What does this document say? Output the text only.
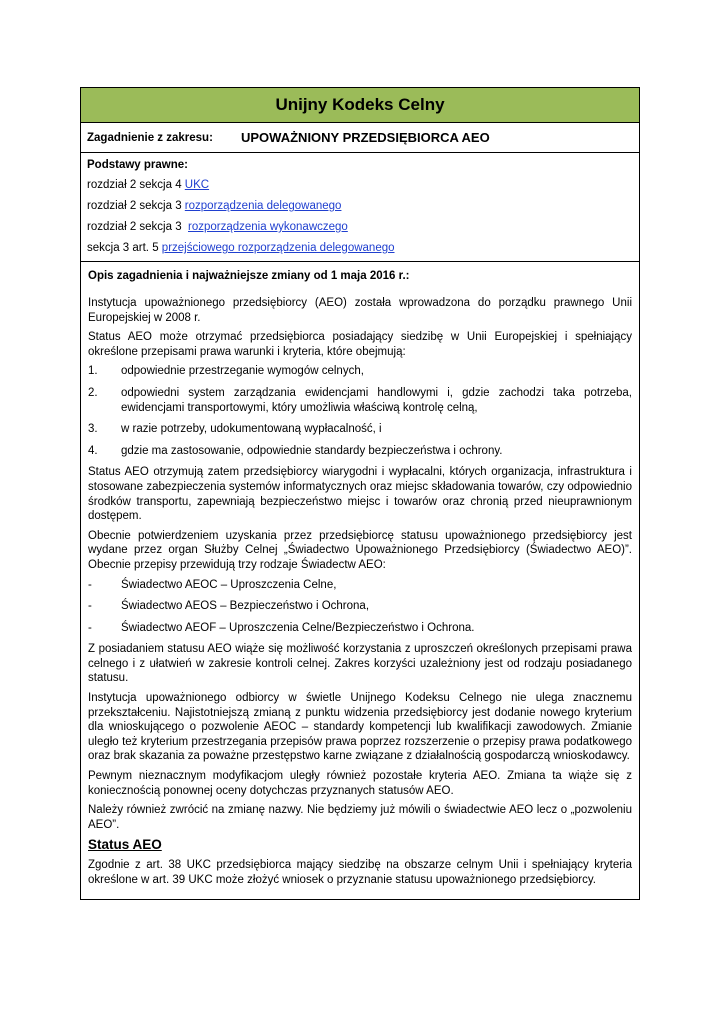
Unijny Kodeks Celny
Zagadnienie z zakresu:	UPOWAŻNIONY PRZEDSIĘBIORCA AEO
Podstawy prawne:
rozdział 2 sekcja 4 UKC
rozdział 2 sekcja 3 rozporządzenia delegowanego
rozdział 2 sekcja 3  rozporządzenia wykonawczego
sekcja 3 art. 5 przejściowego rozporządzenia delegowanego
Opis zagadnienia i najważniejsze zmiany od 1 maja 2016 r.:

Instytucja upoważnionego przedsiębiorcy (AEO) została wprowadzona do porządku prawnego Unii Europejskiej w 2008 r.

Status AEO może otrzymać przedsiębiorca posiadający siedzibę w Unii Europejskiej i spełniający określone przepisami prawa warunki i kryteria, które obejmują:

1.	odpowiednie przestrzeganie wymogów celnych,
2.	odpowiedni system zarządzania ewidencjami handlowymi i, gdzie zachodzi taka potrzeba, ewidencjami transportowymi, który umożliwia właściwą kontrolę celną,
3.	w razie potrzeby, udokumentowaną wypłacalność, i
4.	gdzie ma zastosowanie, odpowiednie standardy bezpieczeństwa i ochrony.

Status AEO otrzymują zatem przedsiębiorcy wiarygodni i wypłacalni, których organizacja, infrastruktura i stosowane zabezpieczenia systemów informatycznych oraz miejsc składowania towarów, czy odpowiednio środków transportu, zapewniają bezpieczeństwo miejsc i towarów oraz chronią przed nieuprawnionym dostępem.

Obecnie potwierdzeniem uzyskania przez przedsiębiorcę statusu upoważnionego przedsiębiorcy jest wydane przez organ Służby Celnej „Świadectwo Upoważnionego Przedsiębiorcy (Świadectwo AEO)”. Obecnie przepisy przewidują trzy rodzaje Świadectw AEO:

-	Świadectwo AEOC – Uproszczenia Celne,
-	Świadectwo AEOS – Bezpieczeństwo i Ochrona,
-	Świadectwo AEOF – Uproszczenia Celne/Bezpieczeństwo i Ochrona.

Z posiadaniem statusu AEO wiąże się możliwość korzystania z uproszczeń określonych przepisami prawa celnego i z ułatwień w zakresie kontroli celnej. Zakres korzyści uzależniony jest od rodzaju posiadanego statusu.

Instytucja upoważnionego odbiorcy w świetle Unijnego Kodeksu Celnego nie ulega znacznemu przekształceniu. Najistotniejszą zmianą z punktu widzenia przedsiębiorcy jest dodanie nowego kryterium dla wnioskującego o pozwolenie AEOC – standardy kompetencji lub kwalifikacji zawodowych. Zmianie uległo też kryterium przestrzegania przepisów prawa poprzez rozszerzenie o przepisy prawa podatkowego oraz brak skazania za poważne przestępstwo karne związane z działalnością gospodarczą wnioskodawcy.

Pewnym nieznacznym modyfikacjom uległy również pozostałe kryteria AEO. Zmiana ta wiąże się z koniecznością ponownej oceny dotychczas przyznanych statusów AEO.

Należy również zwrócić na zmianę nazwy. Nie będziemy już mówili o świadectwie AEO lecz o „pozwoleniu AEO”.

Status AEO

Zgodnie z art. 38 UKC przedsiębiorca mający siedzibę na obszarze celnym Unii i spełniający kryteria określone w art. 39 UKC może złożyć wniosek o przyznanie statusu upoważnionego przedsiębiorcy.
